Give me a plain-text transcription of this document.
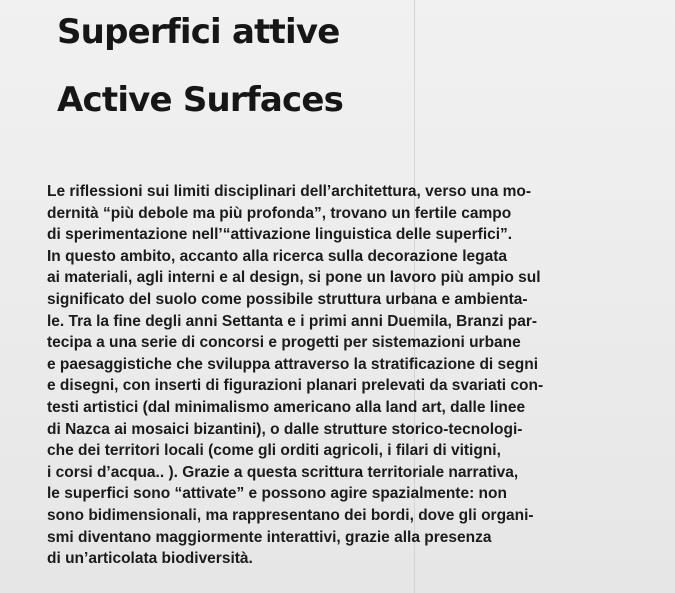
Superfici attive
Active Surfaces

Le riflessioni sui limiti disciplinari dell’architettura, verso una mo-
dernità “più debole ma più profonda”, trovano un fertile campo
di sperimentazione nell’“attivazione linguistica delle superfici”.
In questo ambito, accanto alla ricerca sulla decorazione legata
ai materiali, agli interni e al design, si pone un lavoro più ampio sul
significato del suolo come possibile struttura urbana e ambienta-
le. Tra la fine degli anni Settanta e i primi anni Duemila, Branzi par-
tecipa a una serie di concorsi e progetti per sistemazioni urbane
e paesaggistiche che sviluppa attraverso la stratificazione di segni
e disegni, con inserti di figurazioni planari prelevati da svariati con-
testi artistici (dal minimalismo americano alla land art, dalle linee
di Nazca ai mosaici bizantini), o dalle strutture storico-tecnologi-
che dei territori locali (come gli orditi agricoli, i filari di vitigni,
i corsi d’acqua.. ). Grazie a questa scrittura territoriale narrativa,
le superfici sono “attivate” e possono agire spazialmente: non
sono bidimensionali, ma rappresentano dei bordi, dove gli organi-
smi diventano maggiormente interattivi, grazie alla presenza
di un’articolata biodiversità.
